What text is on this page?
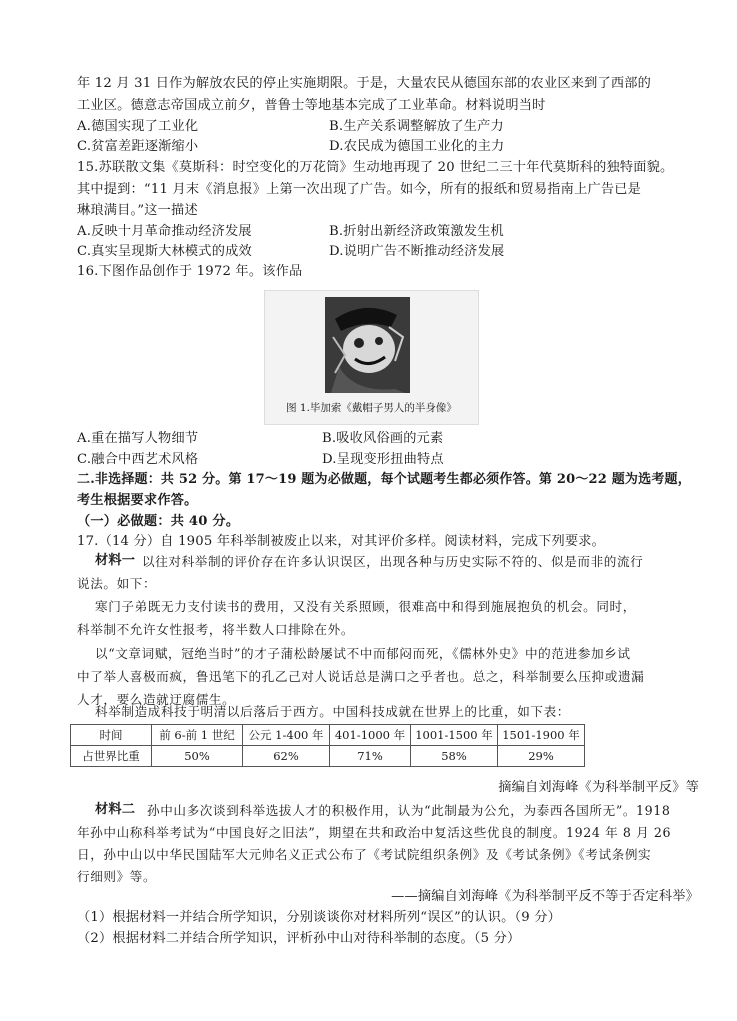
年 12 月 31 日作为解放农民的停止实施期限。于是，大量农民从德国东部的农业区来到了西部的
工业区。德意志帝国成立前夕，普鲁士等地基本完成了工业革命。材料说明当时
A.德国实现了工业化	B.生产关系调整解放了生产力
C.贫富差距逐渐缩小	D.农民成为德国工业化的主力
15.苏联散文集《莫斯科：时空变化的万花筒》生动地再现了 20 世纪二三十年代莫斯科的独特面貌。
其中提到：“11 月末《消息报》上第一次出现了广告。如今，所有的报纸和贸易指南上广告已是
琳琅满目。”这一描述
A.反映十月革命推动经济发展	B.折射出新经济政策激发生机
C.真实呈现斯大林模式的成效	D.说明广告不断推动经济发展
16.下图作品创作于 1972 年。该作品
图 1.毕加索《戴帽子男人的半身像》
A.重在描写人物细节	B.吸收风俗画的元素
C.融合中西艺术风格	D.呈现变形扭曲特点
二.非选择题：共 52 分。第 17～19 题为必做题，每个试题考生都必须作答。第 20～22 题为选考题，
考生根据要求作答。
（一）必做题：共 40 分。
17.（14 分）自 1905 年科举制被废止以来，对其评价多样。阅读材料，完成下列要求。
材料一 以往对科举制的评价存在许多认识误区，出现各种与历史实际不符的、似是而非的流行
说法。如下：
寒门子弟既无力支付读书的费用，又没有关系照顾，很难高中和得到施展抱负的机会。同时，
科举制不允许女性报考，将半数人口排除在外。
以“文章词赋，冠绝当时”的才子蒲松龄屡试不中而郁闷而死，《儒林外史》中的范进参加乡试
中了举人喜极而疯，鲁迅笔下的孔乙己对人说话总是满口之乎者也。总之，科举制要么压抑或遗漏
人才，要么造就迂腐儒生。
科举制造成科技于明清以后落后于西方。中国科技成就在世界上的比重，如下表：
时间	前 6-前 1 世纪	公元 1-400 年	401-1000 年	1001-1500 年	1501-1900 年
占世界比重	50%	62%	71%	58%	29%
摘编自刘海峰《为科举制平反》等
材料二 孙中山多次谈到科举选拔人才的积极作用，认为“此制最为公允，为泰西各国所无”。1918
年孙中山称科举考试为“中国良好之旧法”，期望在共和政治中复活这些优良的制度。1924 年 8 月 26
日，孙中山以中华民国陆军大元帅名义正式公布了《考试院组织条例》及《考试条例》《考试条例实
行细则》等。
——摘编自刘海峰《为科举制平反不等于否定科举》
（1）根据材料一并结合所学知识，分别谈谈你对材料所列“误区”的认识。（9 分）
（2）根据材料二并结合所学知识，评析孙中山对待科举制的态度。（5 分）
